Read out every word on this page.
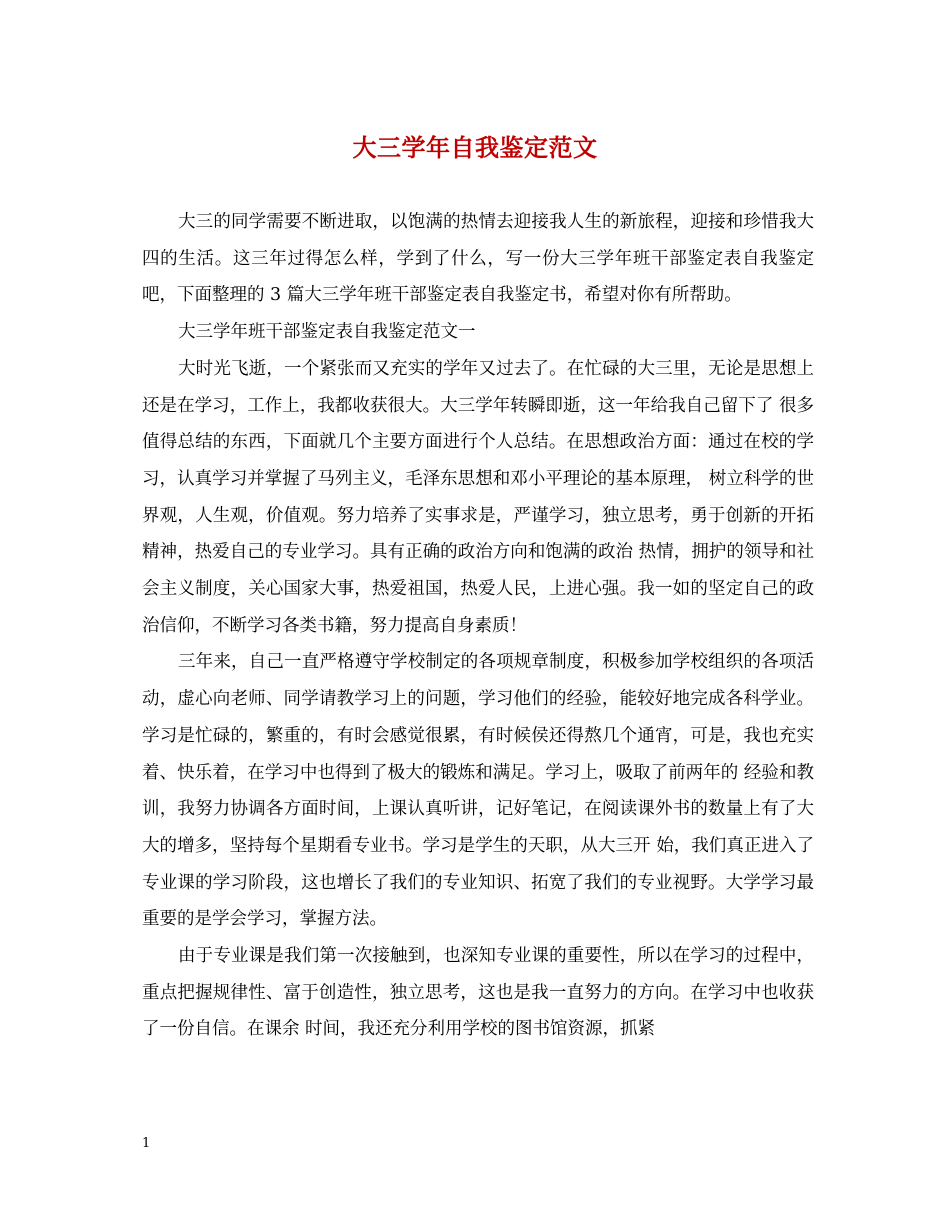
大三学年自我鉴定范文

大三的同学需要不断进取，以饱满的热情去迎接我人生的新旅程，迎接和珍惜我大四的生活。这三年过得怎么样，学到了什么，写一份大三学年班干部鉴定表自我鉴定吧，下面整理的 3 篇大三学年班干部鉴定表自我鉴定书，希望对你有所帮助。

大三学年班干部鉴定表自我鉴定范文一

大时光飞逝，一个紧张而又充实的学年又过去了。在忙碌的大三里，无论是思想上还是在学习，工作上，我都收获很大。大三学年转瞬即逝，这一年给我自己留下了 很多值得总结的东西，下面就几个主要方面进行个人总结。在思想政治方面：通过在校的学习，认真学习并掌握了马列主义，毛泽东思想和邓小平理论的基本原理， 树立科学的世界观，人生观，价值观。努力培养了实事求是，严谨学习，独立思考，勇于创新的开拓精神，热爱自己的专业学习。具有正确的政治方向和饱满的政治 热情，拥护的领导和社会主义制度，关心国家大事，热爱祖国，热爱人民，上进心强。我一如的坚定自己的政治信仰，不断学习各类书籍，努力提高自身素质！

三年来，自己一直严格遵守学校制定的各项规章制度，积极参加学校组织的各项活动，虚心向老师、同学请教学习上的问题，学习他们的经验，能较好地完成各科学业。 学习是忙碌的，繁重的，有时会感觉很累，有时候侯还得熬几个通宵，可是，我也充实着、快乐着，在学习中也得到了极大的锻炼和满足。学习上，吸取了前两年的 经验和教训，我努力协调各方面时间，上课认真听讲，记好笔记，在阅读课外书的数量上有了大大的增多，坚持每个星期看专业书。学习是学生的天职，从大三开 始，我们真正进入了专业课的学习阶段，这也增长了我们的专业知识、拓宽了我们的专业视野。大学学习最重要的是学会学习，掌握方法。

由于专业课是我们第一次接触到，也深知专业课的重要性，所以在学习的过程中，重点把握规律性、富于创造性，独立思考，这也是我一直努力的方向。在学习中也收获了一份自信。在课余 时间，我还充分利用学校的图书馆资源，抓紧

1
